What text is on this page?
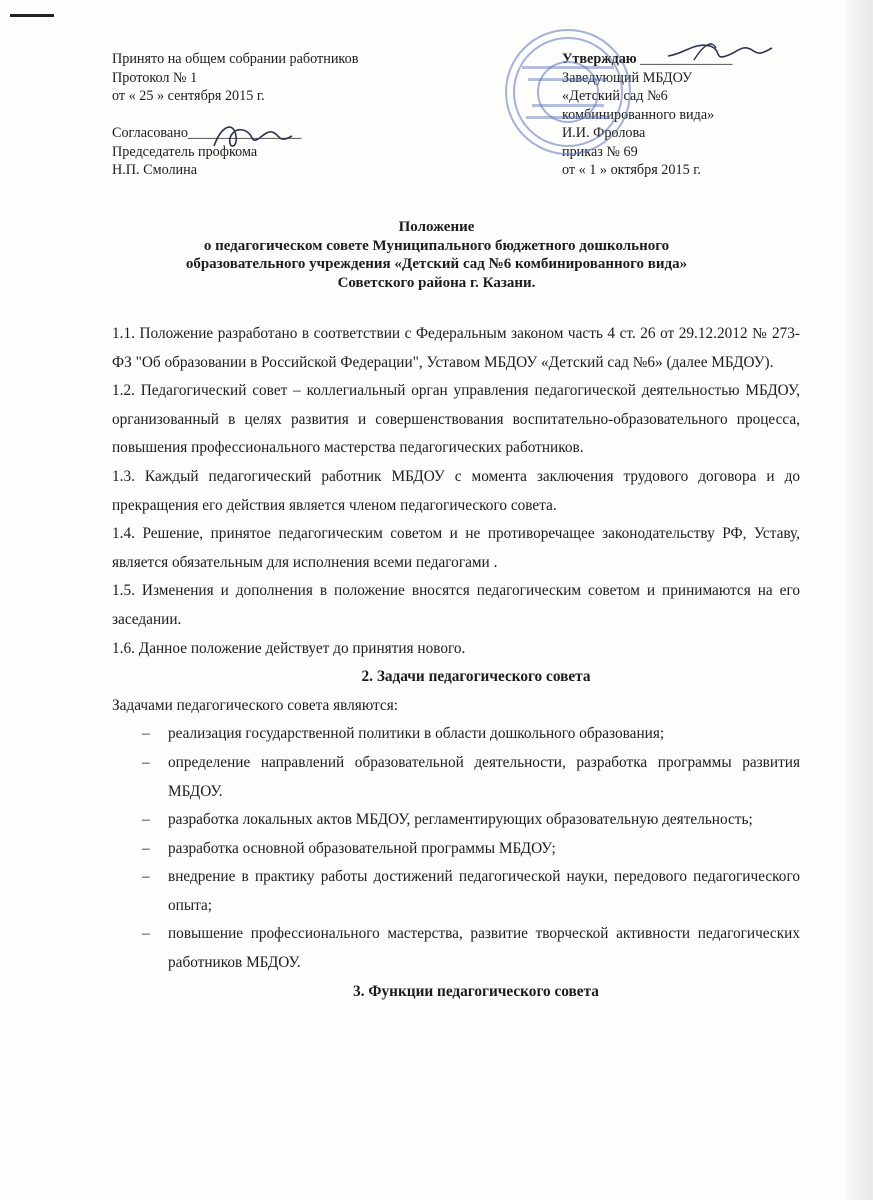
Принято на общем собрании работников
Протокол № 1
от « 25 » сентября 2015 г.
Согласовано________________
Председатель профкома
Н.П. Смолина
Утверждаю _____________
Заведующий МБДОУ
«Детский сад №6
комбинированного вида»
И.И. Фролова
приказ № 69
от « 1 » октября 2015 г.
Положение
о педагогическом совете Муниципального бюджетного дошкольного
образовательного учреждения «Детский сад №6 комбинированного вида»
Советского района г. Казани.

1.1. Положение разработано в соответствии с Федеральным законом часть 4 ст. 26 от 29.12.2012 № 273-ФЗ "Об образовании в Российской Федерации", Уставом МБДОУ «Детский сад №6» (далее МБДОУ).

1.2. Педагогический совет – коллегиальный орган управления педагогической деятельностью МБДОУ, организованный в целях развития и совершенствования воспитательно-образовательного процесса, повышения профессионального мастерства педагогических работников.

1.3. Каждый педагогический работник МБДОУ с момента заключения трудового договора и до прекращения его действия является членом педагогического совета.

1.4. Решение, принятое педагогическим советом и не противоречащее законодательству РФ, Уставу, является обязательным для исполнения всеми педагогами .

1.5. Изменения и дополнения в положение вносятся педагогическим советом и принимаются на его заседании.

1.6. Данное положение действует до принятия нового.

2. Задачи педагогического совета

Задачами педагогического совета являются:

– реализация государственной политики в области дошкольного образования;
– определение направлений образовательной деятельности, разработка программы развития МБДОУ.
– разработка локальных актов МБДОУ, регламентирующих образовательную деятельность;
– разработка основной образовательной программы МБДОУ;
– внедрение в практику работы достижений педагогической науки, передового педагогического опыта;
– повышение профессионального мастерства, развитие творческой активности педагогических работников МБДОУ.
3. Функции педагогического совета
